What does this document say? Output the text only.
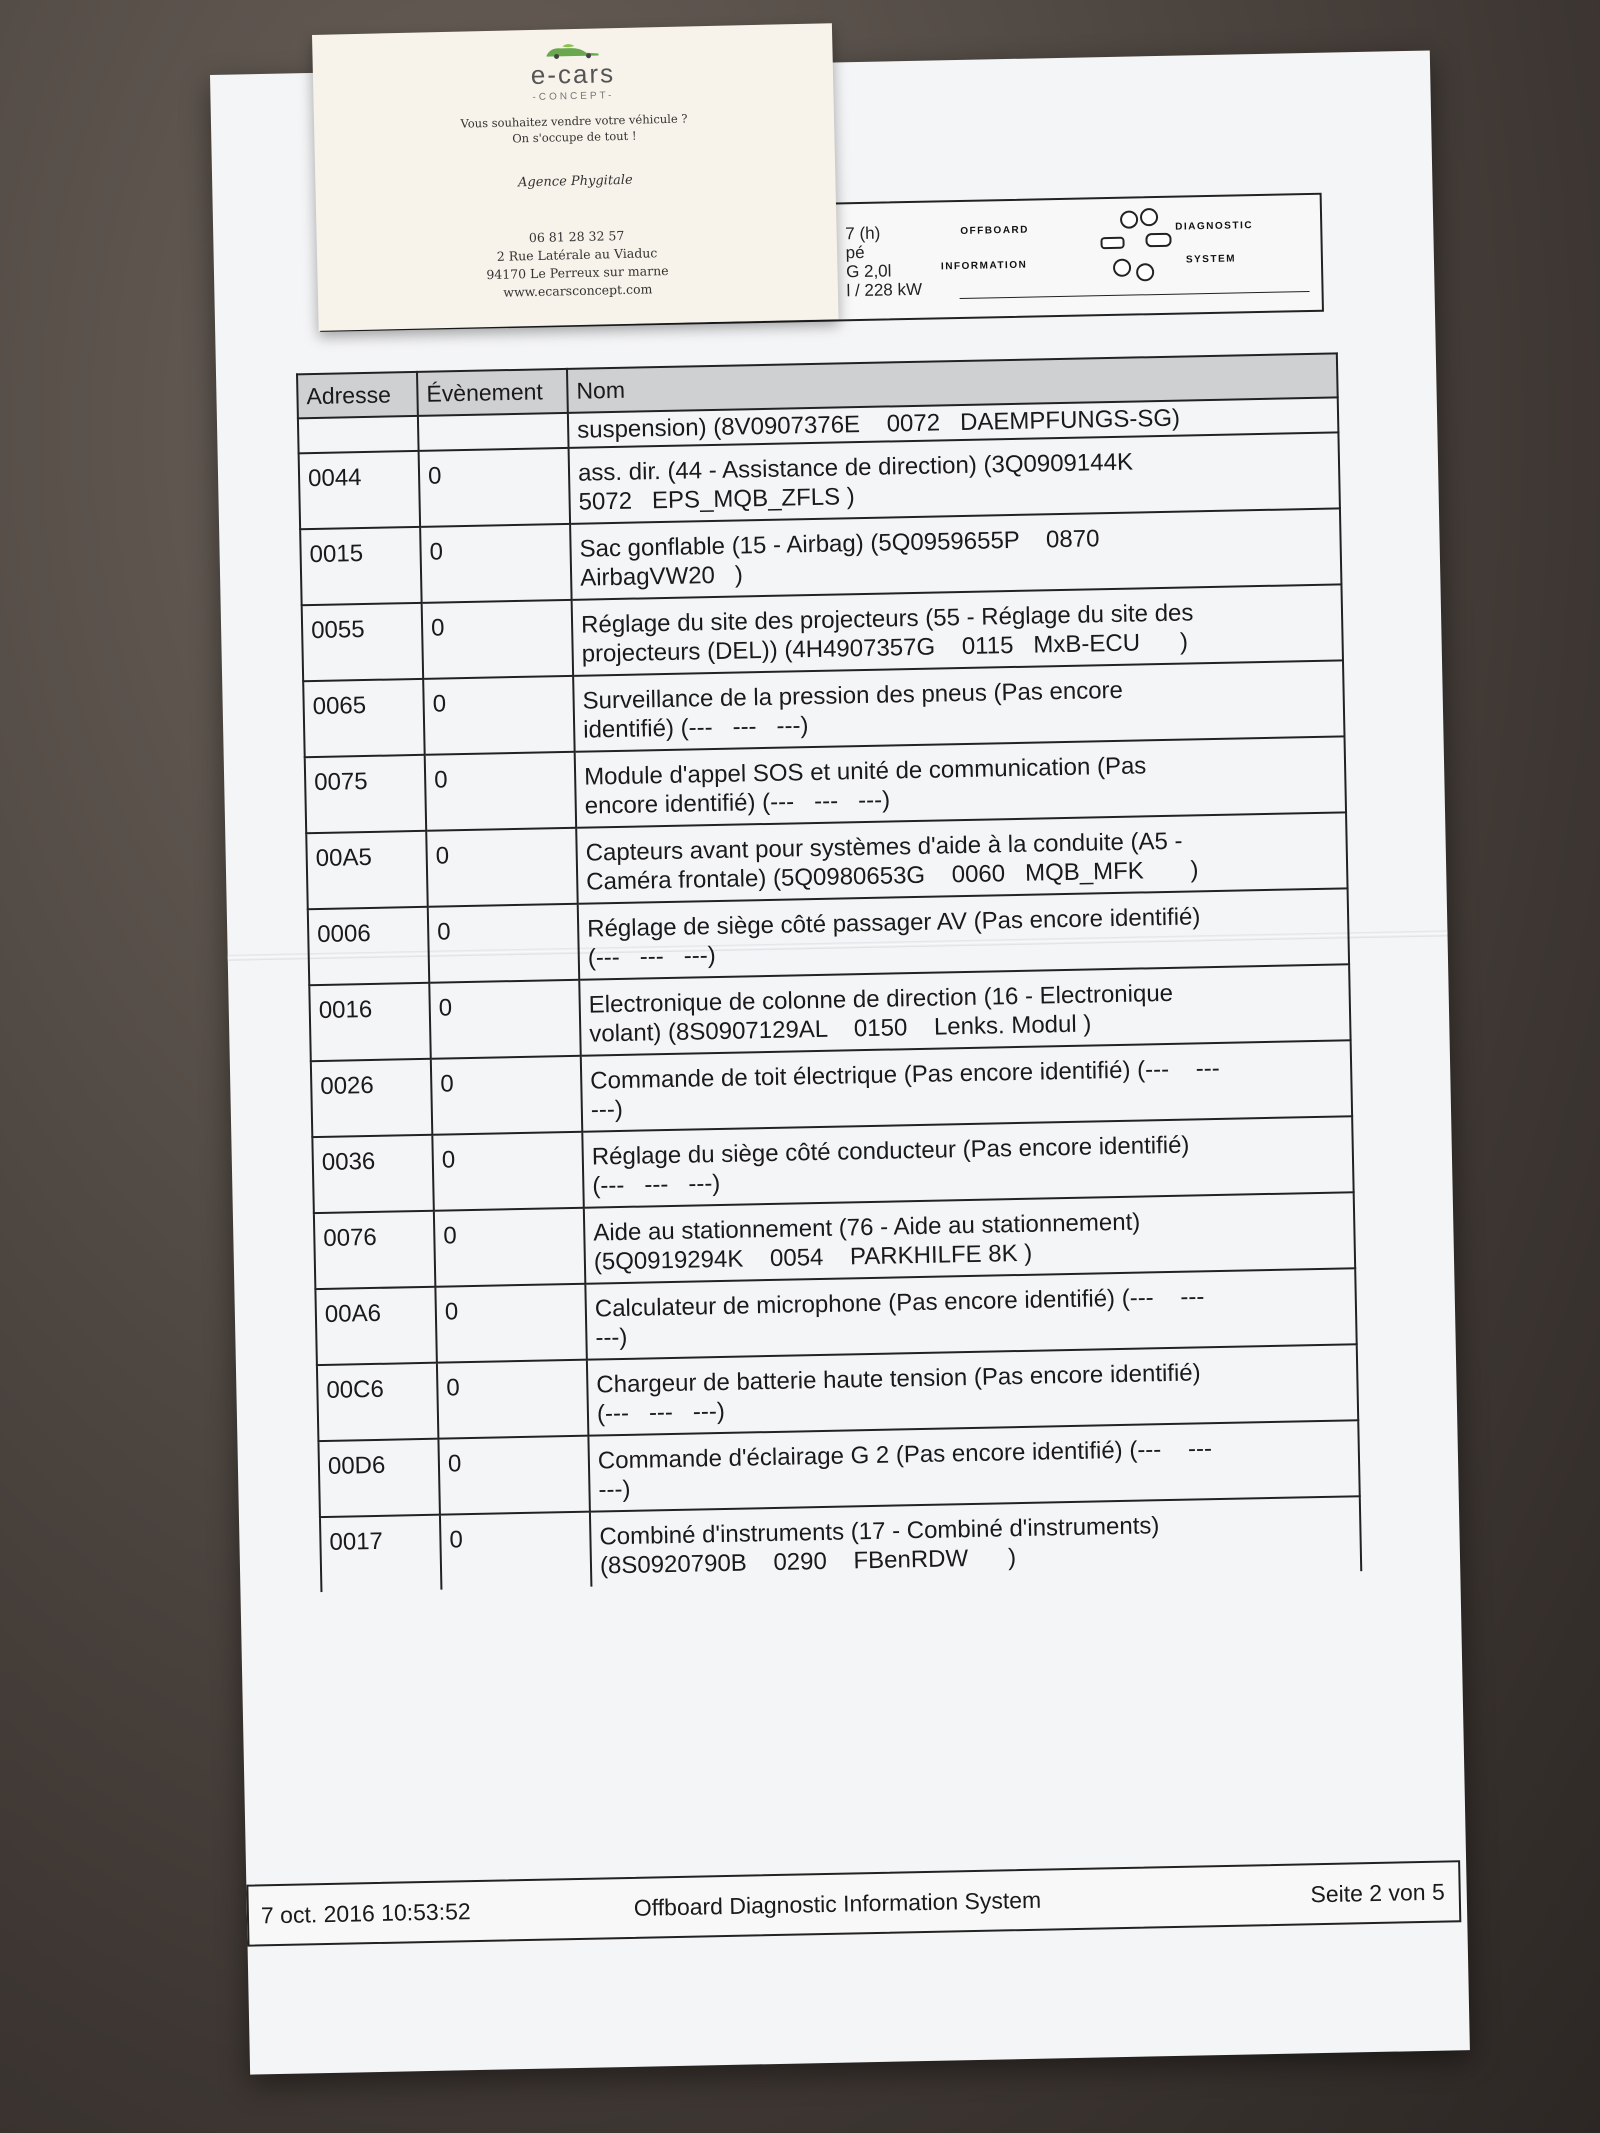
7 (h)
pé
G 2,0l
l / 228 kW
OFFBOARD	DIAGNOSTIC
INFORMATION
SYSTEM
Adresse	Évènement	Nom
		suspension) (8V0907376E    0072   DAEMPFUNGS-SG)
0044	0	ass. dir. (44 - Assistance de direction) (3Q0909144K
5072   EPS_MQB_ZFLS )
0015	0	Sac gonflable (15 - Airbag) (5Q0959655P    0870
AirbagVW20   )
0055	0	Réglage du site des projecteurs (55 - Réglage du site des
projecteurs (DEL)) (4H4907357G    0115   MxB-ECU      )
0065	0	Surveillance de la pression des pneus (Pas encore
identifié) (---   ---   ---)
0075	0	Module d'appel SOS et unité de communication (Pas
encore identifié) (---   ---   ---)
00A5	0	Capteurs avant pour systèmes d'aide à la conduite (A5 -
Caméra frontale) (5Q0980653G    0060   MQB_MFK       )
0006	0	Réglage de siège côté passager AV (Pas encore identifié)
(---   ---   ---)
0016	0	Electronique de colonne de direction (16 - Electronique
volant) (8S0907129AL    0150    Lenks. Modul )
0026	0	Commande de toit électrique (Pas encore identifié) (---    ---
---)
0036	0	Réglage du siège côté conducteur (Pas encore identifié)
(---   ---   ---)
0076	0	Aide au stationnement (76 - Aide au stationnement)
(5Q0919294K    0054    PARKHILFE 8K )
00A6	0	Calculateur de microphone (Pas encore identifié) (---    ---
---)
00C6	0	Chargeur de batterie haute tension (Pas encore identifié)
(---   ---   ---)
00D6	0	Commande d'éclairage G 2 (Pas encore identifié) (---    ---
---)
0017	0	Combiné d'instruments (17 - Combiné d'instruments)
(8S0920790B    0290    FBenRDW      )
7 oct. 2016 10:53:52	Offboard Diagnostic Information System	Seite 2 von 5
e-cars
-CONCEPT-
Vous souhaitez vendre votre véhicule ?
On s'occupe de tout !
Agence Phygitale
06 81 28 32 57
2 Rue Latérale au Viaduc
94170 Le Perreux sur marne
www.ecarsconcept.com
